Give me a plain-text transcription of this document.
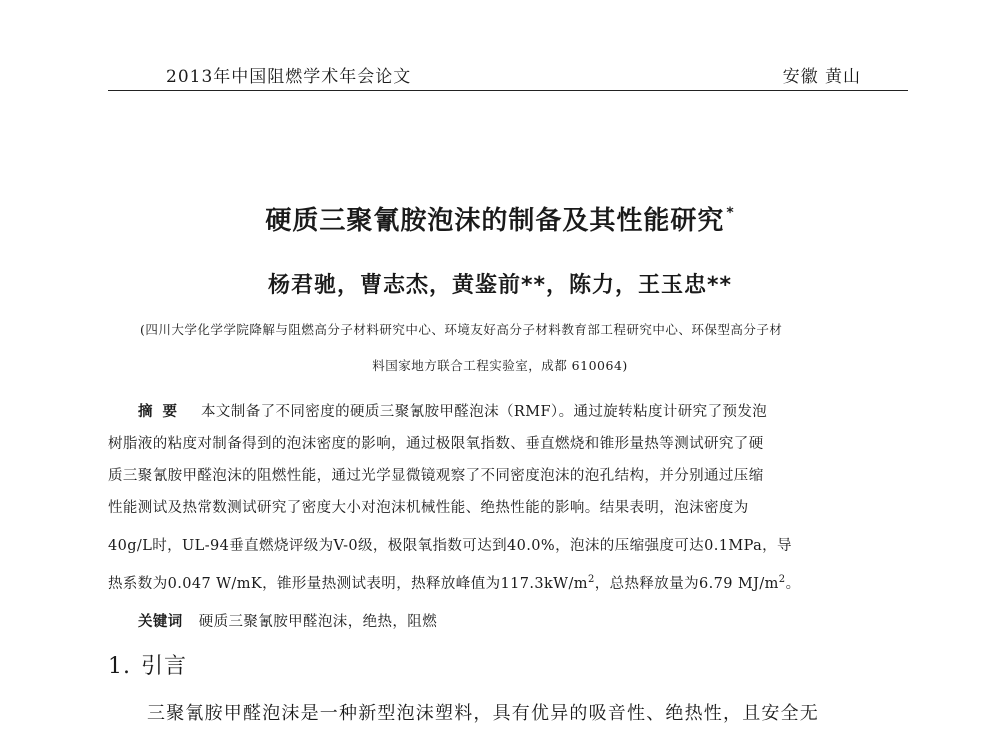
2013年中国阻燃学术年会论文	安徽 黄山
硬质三聚氰胺泡沫的制备及其性能研究 *
杨君驰，曹志杰，黄鉴前**，陈力，王玉忠**
(四川大学化学学院降解与阻燃高分子材料研究中心、环境友好高分子材料教育部工程研究中心、环保型高分子材
料国家地方联合工程实验室，成都 610064)
摘要 本文制备了不同密度的硬质三聚氰胺甲醛泡沫（RMF）。通过旋转粘度计研究了预发泡
树脂液的粘度对制备得到的泡沫密度的影响，通过极限氧指数、垂直燃烧和锥形量热等测试研究了硬
质三聚氰胺甲醛泡沫的阻燃性能，通过光学显微镜观察了不同密度泡沫的泡孔结构，并分别通过压缩
性能测试及热常数测试研究了密度大小对泡沫机械性能、绝热性能的影响。结果表明，泡沫密度为
40g/L时，UL-94垂直燃烧评级为V-0级，极限氧指数可达到40.0%，泡沫的压缩强度可达0.1MPa，导
热系数为0.047 W/mK，锥形量热测试表明，热释放峰值为$117.3kW/m^2$，总热释放量为6.79 $MJ/m^2$。
关键词 硬质三聚氰胺甲醛泡沫，绝热，阻燃
1. 引言
三聚氰胺甲醛泡沫是一种新型泡沫塑料，具有优异的吸音性、绝热性，且安全无
